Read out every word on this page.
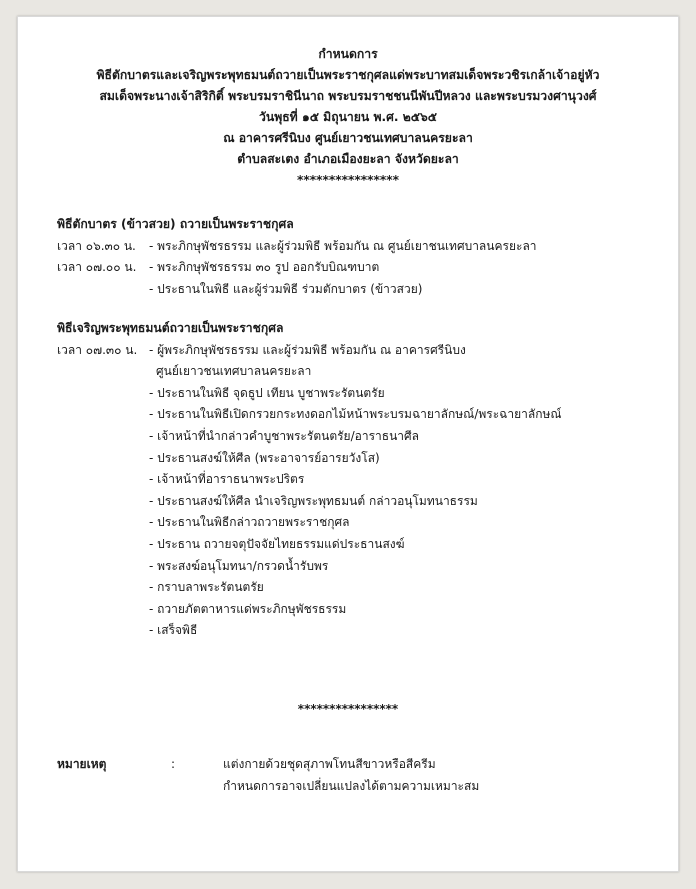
กำหนดการ
พิธีตักบาตรและเจริญพระพุทธมนต์ถวายเป็นพระราชกุศลแด่พระบาทสมเด็จพระวชิรเกล้าเจ้าอยู่หัว
สมเด็จพระนางเจ้าสิริกิติ์ พระบรมราชินีนาถ พระบรมราชชนนีพันปีหลวง และพระบรมวงศานุวงศ์
วันพุธที่ ๑๕ มิถุนายน พ.ศ. ๒๕๖๕
ณ อาคารศรีนิบง ศูนย์เยาวชนเทศบาลนครยะลา
ตำบลสะเตง อำเภอเมืองยะลา จังหวัดยะลา
****************
พิธีตักบาตร (ข้าวสวย) ถวายเป็นพระราชกุศล
เวลา ๐๖.๓๐ น. - พระภิกษุพัชรธรรม และผู้ร่วมพิธี พร้อมกัน ณ ศูนย์เยาชนเทศบาลนครยะลา
เวลา ๐๗.๐๐ น. - พระภิกษุพัชรธรรม ๓๐ รูป ออกรับบิณฑบาต
- ประธานในพิธี และผู้ร่วมพิธี ร่วมตักบาตร (ข้าวสวย)
พิธีเจริญพระพุทธมนต์ถวายเป็นพระราชกุศล
เวลา ๐๗.๓๐ น. - ผู้พระภิกษุพัชรธรรม และผู้ร่วมพิธี พร้อมกัน ณ อาคารศรีนิบง
ศูนย์เยาวชนเทศบาลนครยะลา
- ประธานในพิธี จุดธูป เทียน บูชาพระรัตนตรัย
- ประธานในพิธีเปิดกรวยกระทงดอกไม้หน้าพระบรมฉายาลักษณ์/พระฉายาลักษณ์
- เจ้าหน้าที่นำกล่าวคำบูชาพระรัตนตรัย/อาราธนาศีล
- ประธานสงฆ์ให้ศีล (พระอาจารย์อารยวังโส)
- เจ้าหน้าที่อาราธนาพระปริตร
- ประธานสงฆ์ให้ศีล นำเจริญพระพุทธมนต์ กล่าวอนุโมทนาธรรม
- ประธานในพิธีกล่าวถวายพระราชกุศล
- ประธาน ถวายจตุปัจจัยไทยธรรมแด่ประธานสงฆ์
- พระสงฆ์อนุโมทนา/กรวดน้ำรับพร
- กราบลาพระรัตนตรัย
- ถวายภัตตาหารแด่พระภิกษุพัชรธรรม
- เสร็จพิธี
****************
หมายเหตุ	:	แต่งกายด้วยชุดสุภาพโทนสีขาวหรือสีครีม
กำหนดการอาจเปลี่ยนแปลงได้ตามความเหมาะสม
